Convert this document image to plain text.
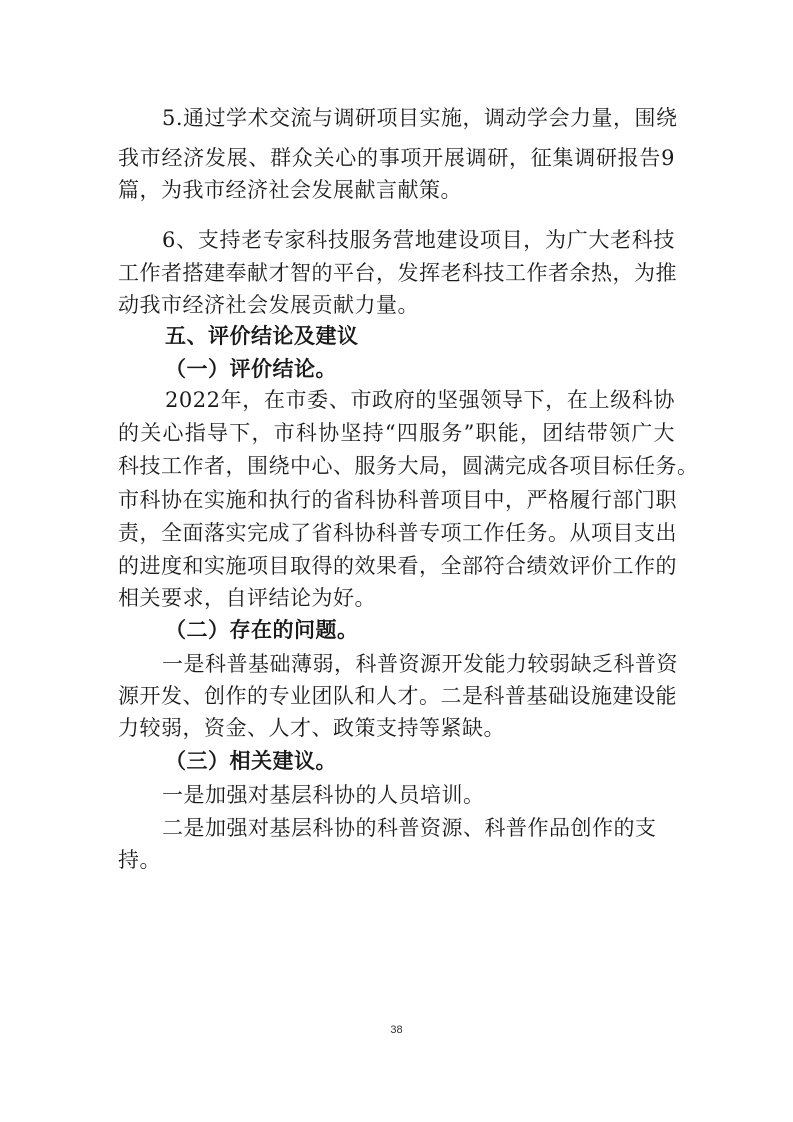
5.通过学术交流与调研项目实施，调动学会力量，围绕
我市经济发展、群众关心的事项开展调研，征集调研报告9
篇，为我市经济社会发展献言献策。
6、支持老专家科技服务营地建设项目，为广大老科技
工作者搭建奉献才智的平台，发挥老科技工作者余热，为推
动我市经济社会发展贡献力量。
五、评价结论及建议
（一）评价结论。
2022年，在市委、市政府的坚强领导下，在上级科协
的关心指导下，市科协坚持“四服务”职能，团结带领广大
科技工作者，围绕中心、服务大局，圆满完成各项目标任务。
市科协在实施和执行的省科协科普项目中，严格履行部门职
责，全面落实完成了省科协科普专项工作任务。从项目支出
的进度和实施项目取得的效果看，全部符合绩效评价工作的
相关要求，自评结论为好。
（二）存在的问题。
一是科普基础薄弱，科普资源开发能力较弱缺乏科普资
源开发、创作的专业团队和人才。二是科普基础设施建设能
力较弱，资金、人才、政策支持等紧缺。
（三）相关建议。
一是加强对基层科协的人员培训。
二是加强对基层科协的科普资源、科普作品创作的支
持。
38
